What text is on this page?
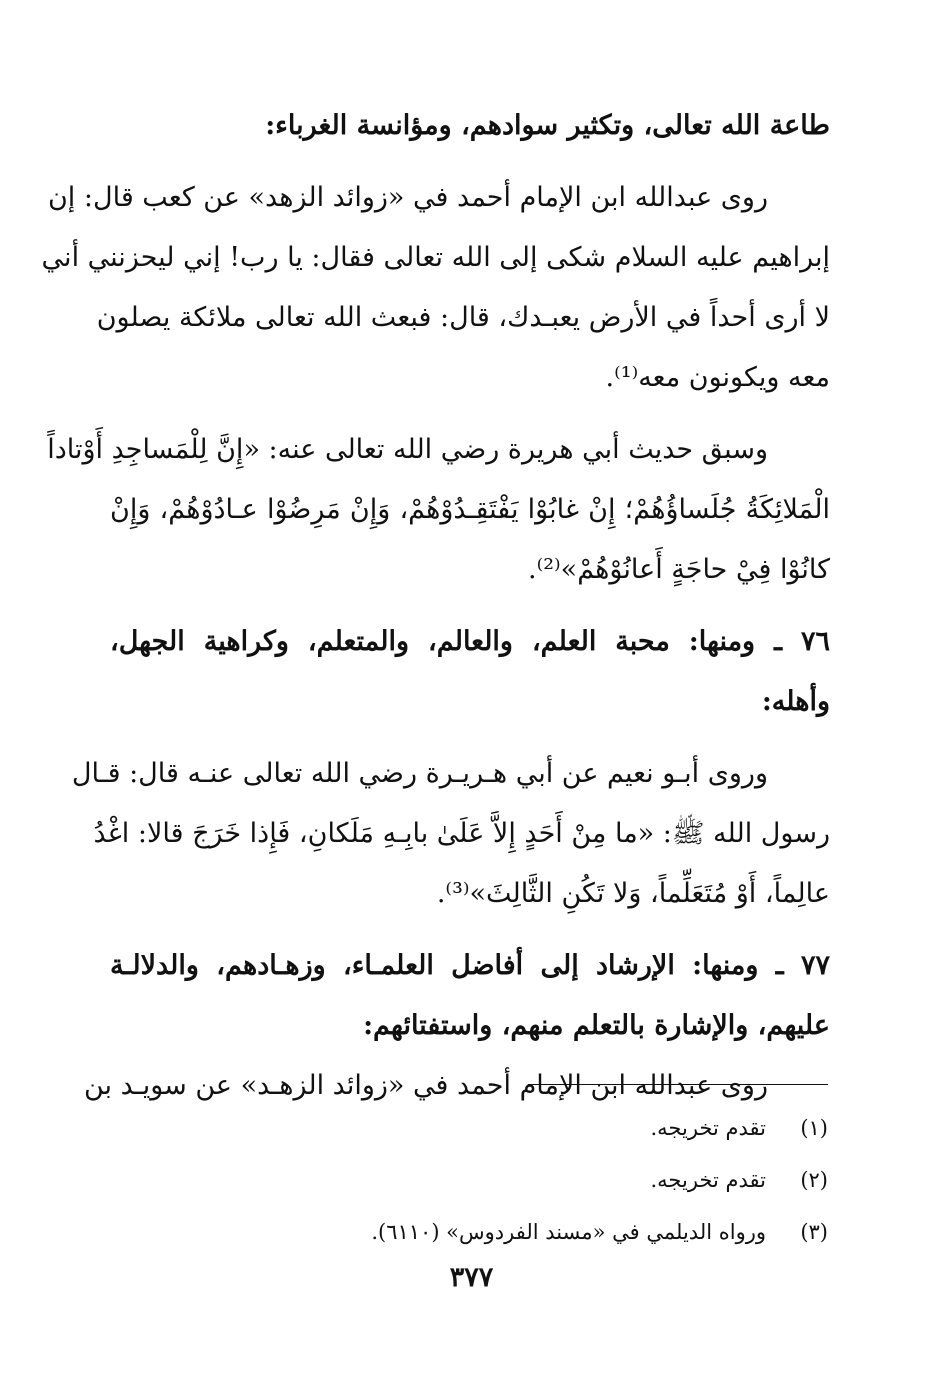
طاعة الله تعالى، وتكثير سوادهم، ومؤانسة الغرباء:
روى عبدالله ابن الإمام أحمد في «زوائد الزهد» عن كعب قال: إن
إبراهيم عليه السلام شكى إلى الله تعالى فقال: يا رب! إني ليحزنني أني
لا أرى أحداً في الأرض يعبـدك، قال: فبعث الله تعالى ملائكة يصلون
معه ويكونون معه⁽¹⁾.
وسبق حديث أبي هريرة رضي الله تعالى عنه: «إِنَّ لِلْمَساجِدِ أَوْتاداً
الْمَلائِكَةُ جُلَساؤُهُمْ؛ إِنْ غابُوْا يَفْتَقِـدُوْهُمْ، وَإِنْ مَرِضُوْا عـادُوْهُمْ، وَإِنْ
كانُوْا فِيْ حاجَةٍ أَعانُوْهُمْ»⁽²⁾.
٧٦ ـ ومنها: محبة العلم، والعالم، والمتعلم، وكراهية الجهل،
وأهله:
وروى أبـو نعيم عن أبي هـريـرة رضي الله تعالى عنـه قال: قـال
رسول الله ﷺ: «ما مِنْ أَحَدٍ إِلاَّ عَلَىٰ بابِـهِ مَلَكانِ، فَإِذا خَرَجَ قالا: اغْدُ
عالِماً، أَوْ مُتَعَلِّماً، وَلا تَكُنِ الثَّالِثَ»⁽³⁾.
٧٧ ـ ومنها: الإرشاد إلى أفاضل العلمـاء، وزهـادهم، والدلالـة
عليهم، والإشارة بالتعلم منهم، واستفتائهم:
روى عبدالله ابن الإمام أحمد في «زوائد الزهـد» عن سويـد بن
(١)
تقدم تخريجه.
(٢)
تقدم تخريجه.
(٣)
ورواه الديلمي في «مسند الفردوس» (٦١١٠).
٣٧٧
